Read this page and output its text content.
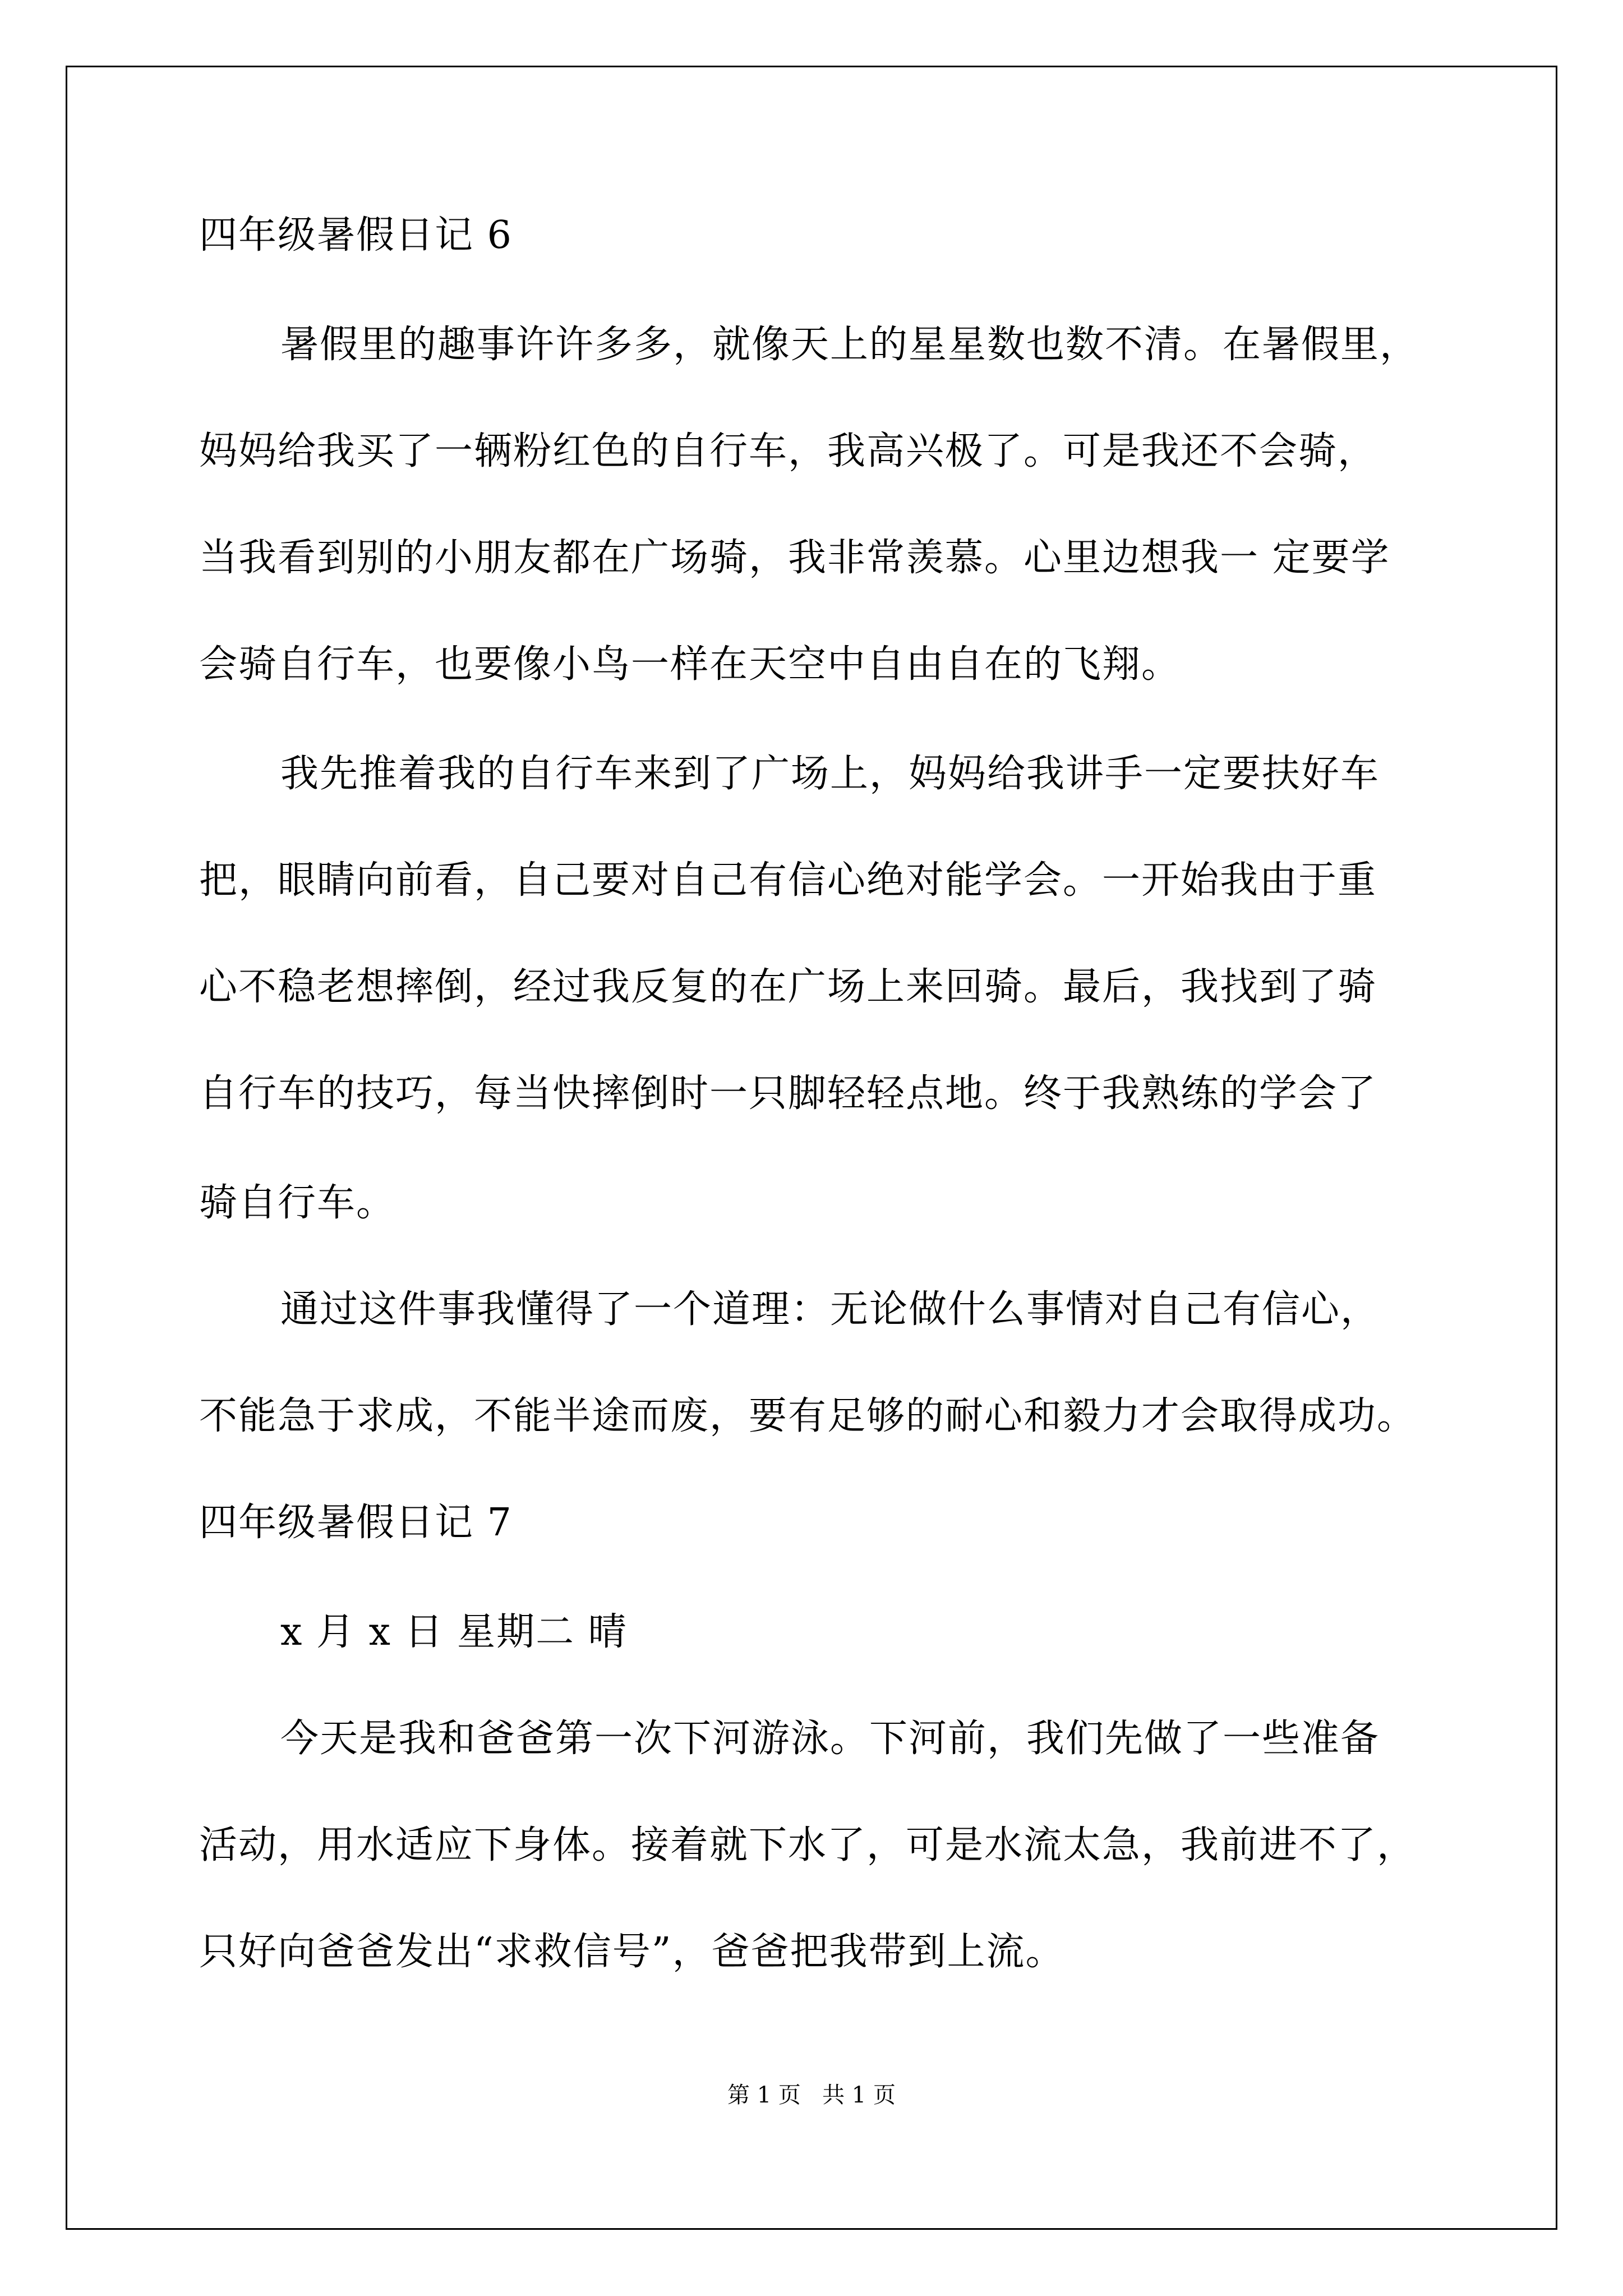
四年级暑假日记 6
暑假里的趣事许许多多，就像天上的星星数也数不清。在暑假里，
妈妈给我买了一辆粉红色的自行车，我高兴极了。可是我还不会骑，
当我看到别的小朋友都在广场骑，我非常羡慕。心里边想我一 定要学
会骑自行车，也要像小鸟一样在天空中自由自在的飞翔。
我先推着我的自行车来到了广场上，妈妈给我讲手一定要扶好车
把，眼睛向前看，自己要对自己有信心绝对能学会。一开始我由于重
心不稳老想摔倒，经过我反复的在广场上来回骑。最后，我找到了骑
自行车的技巧，每当快摔倒时一只脚轻轻点地。终于我熟练的学会了
骑自行车。
通过这件事我懂得了一个道理：无论做什么事情对自己有信心，
不能急于求成，不能半途而废，要有足够的耐心和毅力才会取得成功。
四年级暑假日记 7
x 月 x 日 星期二 晴
今天是我和爸爸第一次下河游泳。下河前，我们先做了一些准备
活动，用水适应下身体。接着就下水了，可是水流太急，我前进不了，
只好向爸爸发出“求救信号”，爸爸把我带到上流。
第 1 页   共 1 页
